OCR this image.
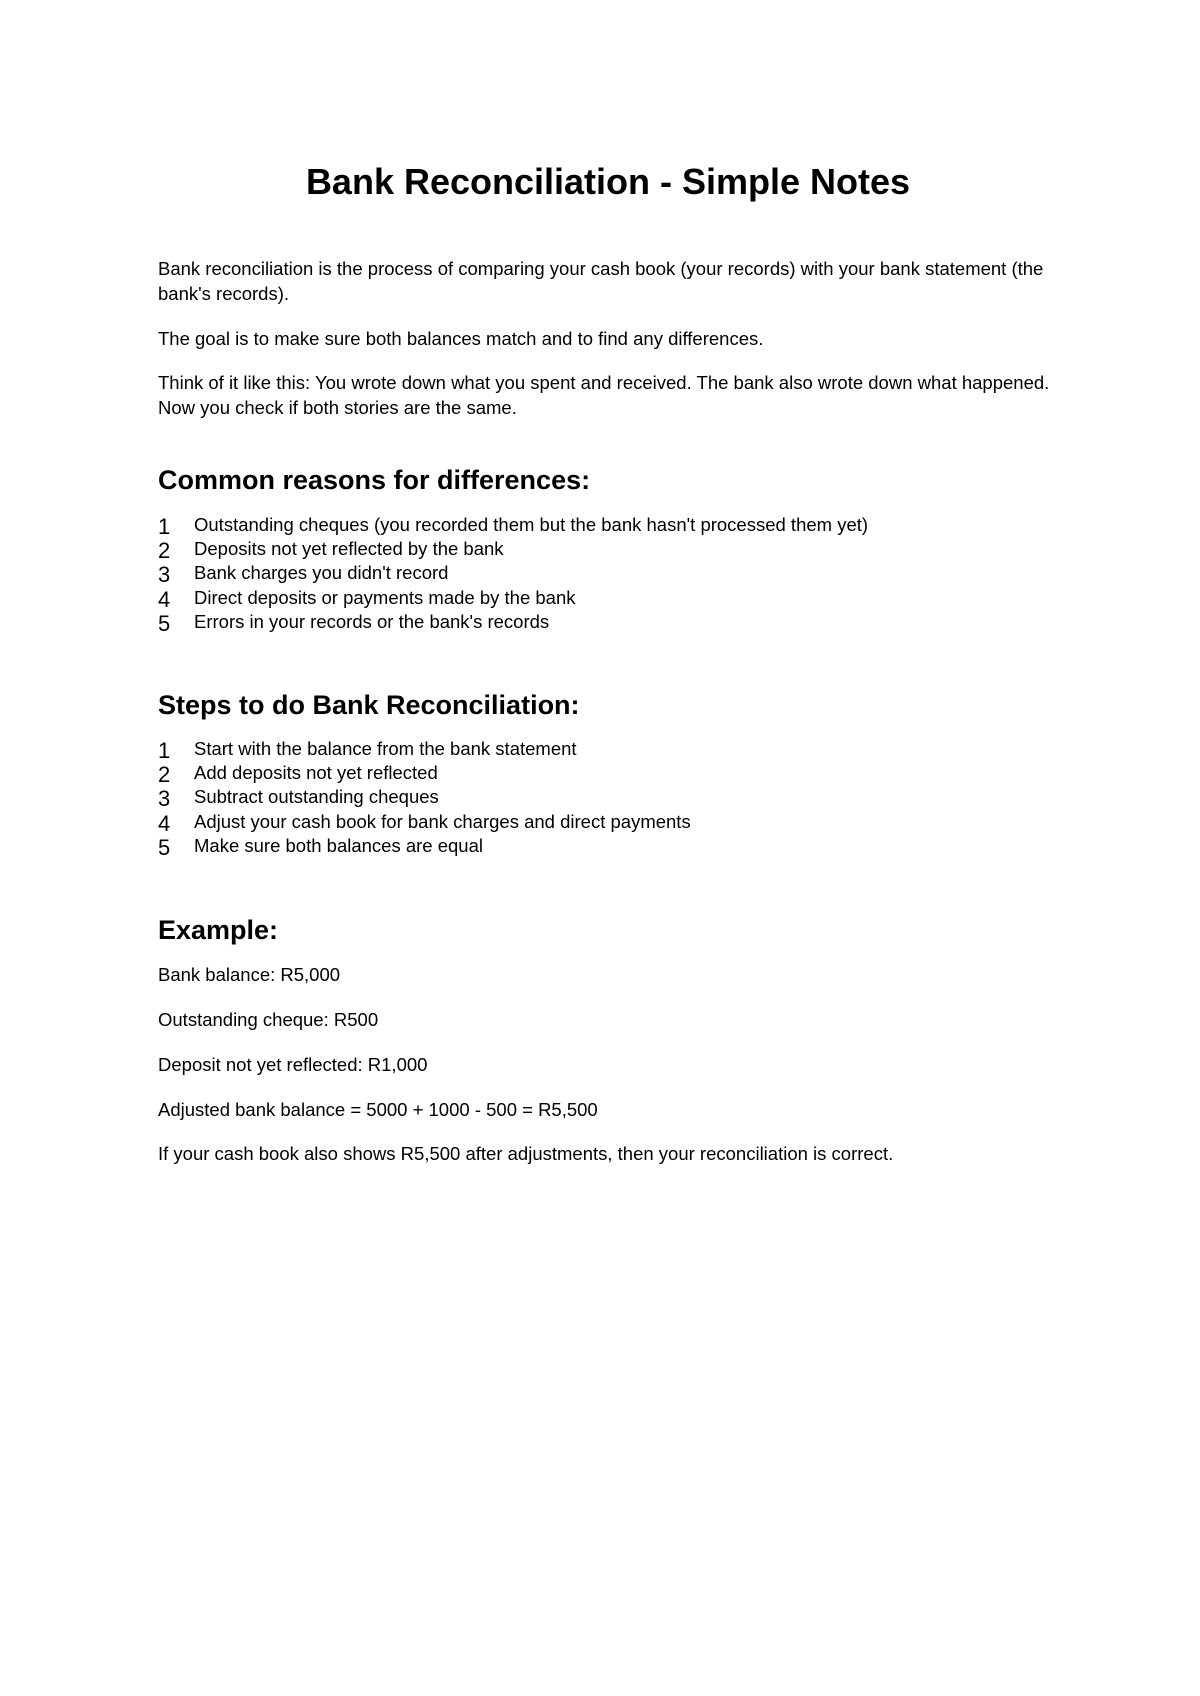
Bank Reconciliation - Simple Notes

Bank reconciliation is the process of comparing your cash book (your records) with your bank statement (the bank's records).

The goal is to make sure both balances match and to find any differences.

Think of it like this: You wrote down what you spent and received. The bank also wrote down what happened. Now you check if both stories are the same.

Common reasons for differences:
1 Outstanding cheques (you recorded them but the bank hasn't processed them yet)
2 Deposits not yet reflected by the bank
3 Bank charges you didn't record
4 Direct deposits or payments made by the bank
5 Errors in your records or the bank's records
Steps to do Bank Reconciliation:
1 Start with the balance from the bank statement
2 Add deposits not yet reflected
3 Subtract outstanding cheques
4 Adjust your cash book for bank charges and direct payments
5 Make sure both balances are equal
Example:

Bank balance: R5,000

Outstanding cheque: R500

Deposit not yet reflected: R1,000

Adjusted bank balance = 5000 + 1000 - 500 = R5,500

If your cash book also shows R5,500 after adjustments, then your reconciliation is correct.
